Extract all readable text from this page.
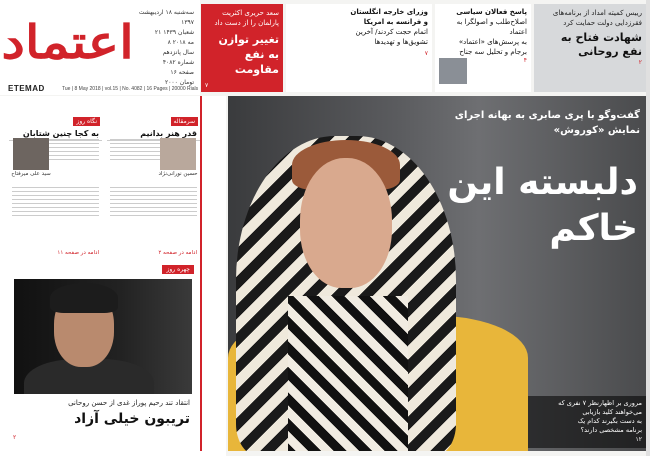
اعتماد
ETEMAD
سه‌شنبه ۱۸ اردیبهشت ۱۳۹۷
۲۱ شعبان ۱۴۳۹
۸ مه ۲۰۱۸
سال پانزدهم
شماره ۴۰۸۲
۱۶ صفحه
۲۰۰۰ تومان
Tue | 8 May 2018 | vol.15 | No. 4082 | 16 Pages | 20000 Rials
سعد حریری اکثریت پارلمان را از دست داد
تغییر توازن به نفع مقاومت
۷
وزرای خارجه انگلستان
و فرانسه به امریکا
اتمام حجت کردند/ آخرین
تشویق‌ها و تهدیدها
۷
پاسخ فعالان سیاسی
اصلاح‌طلب و اصولگرا به اعتماد
به پرسش‌های «اعتماد»
برجام و تحلیل سه جناح
۴
رییس کمیته امداد از برنامه‌های فقرزدایی دولت حمایت کرد
شهادت فتاح به نفع روحانی
۲
سرمقاله
قدر هنر بدانیم
حسین نورانی‌نژاد
ادامه در صفحه ۲
نگاه روز
به کجا چنین شتابان
سید علی میرفتاح
ادامه در صفحه ۱۱
چهره روز
انتقاد تند رحیم پوراز غدی از حسن روحانی
تریبون خیلی آزاد
۲
گفت‌وگو با پری صابری به بهانه اجرای نمایش «کوروش»
دلبسته این خاکم
مروری بر اظهارنظر ۷ نفری که
می‌خواهند کلید بازیابی
به دست بگیرند کدام یک
برنامه مشخصی دارند؟
۱۲
